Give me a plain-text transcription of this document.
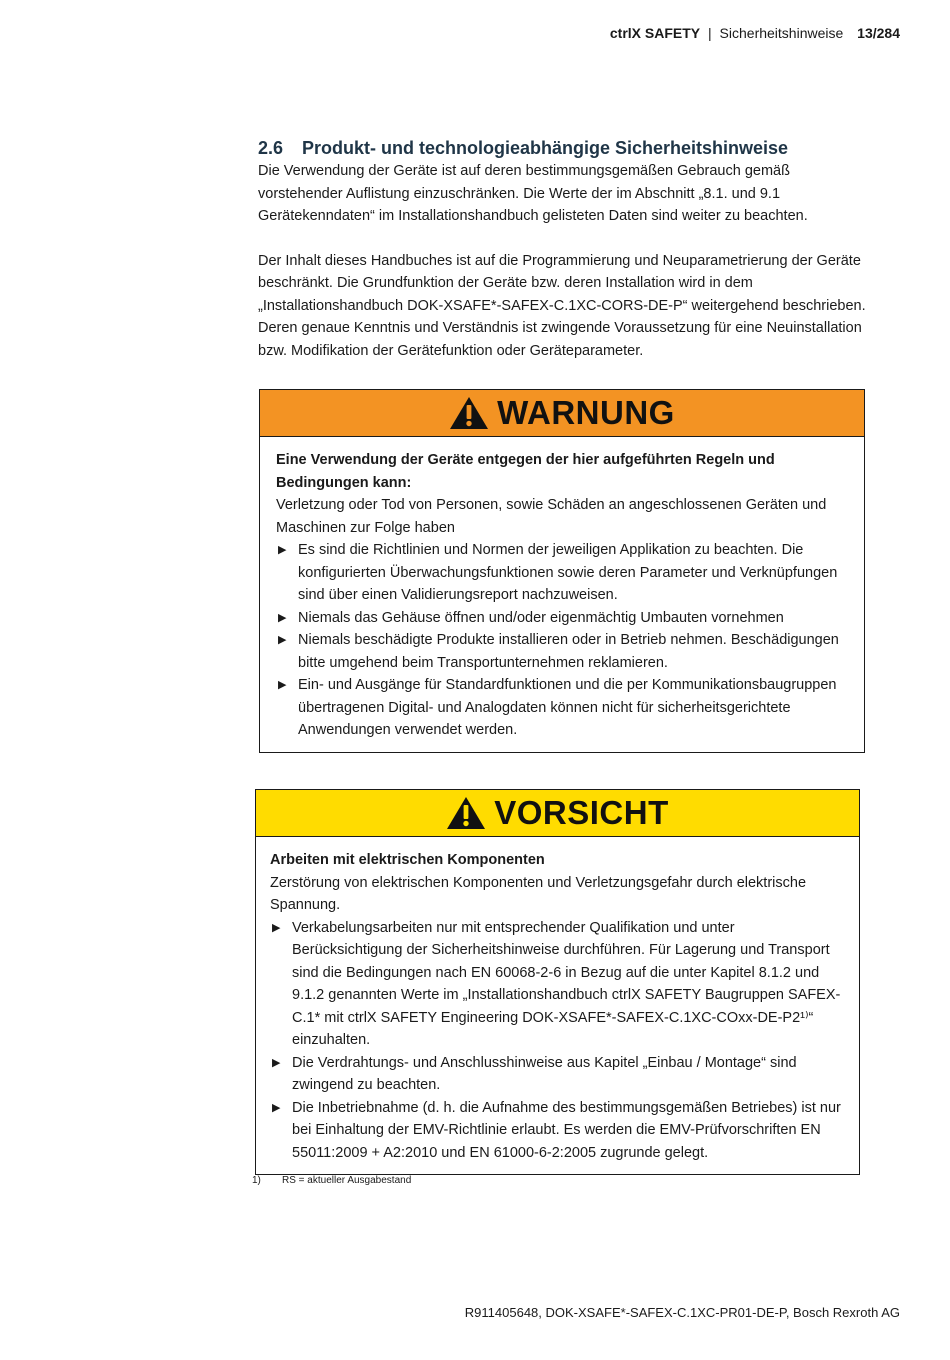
ctrlX SAFETY | Sicherheitshinweise 13/284
2.6 Produkt- und technologieabhängige Sicherheitshinweise

Die Verwendung der Geräte ist auf deren bestimmungsgemäßen Gebrauch gemäß vorstehender Auflistung einzuschränken. Die Werte der im Abschnitt „8.1. und 9.1 Gerätekenndaten“ im Installationshandbuch gelisteten Daten sind weiter zu beachten.

Der Inhalt dieses Handbuches ist auf die Programmierung und Neuparametrierung der Geräte beschränkt. Die Grundfunktion der Geräte bzw. deren Installation wird in dem „Installationshandbuch DOK-XSAFE*-SAFEX-C.1XC-CORS-DE-P“ weitergehend beschrieben. Deren genaue Kenntnis und Verständnis ist zwingende Voraussetzung für eine Neuinstallation bzw. Modifikation der Gerätefunktion oder Geräteparameter.

WARNUNG
Eine Verwendung der Geräte entgegen der hier aufgeführten Regeln und Bedingungen kann:
Verletzung oder Tod von Personen, sowie Schäden an angeschlossenen Geräten und Maschinen zur Folge haben
▶ Es sind die Richtlinien und Normen der jeweiligen Applikation zu beachten. Die konfigurierten Überwachungsfunktionen sowie deren Parameter und Verknüpfungen sind über einen Validierungsreport nachzuweisen.
▶ Niemals das Gehäuse öffnen und/oder eigenmächtig Umbauten vornehmen
▶ Niemals beschädigte Produkte installieren oder in Betrieb nehmen. Beschädigungen bitte umgehend beim Transportunternehmen reklamieren.
▶ Ein- und Ausgänge für Standardfunktionen und die per Kommunikationsbaugruppen übertragenen Digital- und Analogdaten können nicht für sicherheitsgerichtete Anwendungen verwendet werden.
VORSICHT
Arbeiten mit elektrischen Komponenten
Zerstörung von elektrischen Komponenten und Verletzungsgefahr durch elektrische Spannung.
▶ Verkabelungsarbeiten nur mit entsprechender Qualifikation und unter Berücksichtigung der Sicherheitshinweise durchführen. Für Lagerung und Transport sind die Bedingungen nach EN 60068-2-6 in Bezug auf die unter Kapitel 8.1.2 und 9.1.2 genannten Werte im „Installationshandbuch ctrlX SAFETY Baugruppen SAFEX-C.1* mit ctrlX SAFETY Engineering DOK-XSAFE*-SAFEX-C.1XC-COxx-DE-P2¹⁾“ einzuhalten.
▶ Die Verdrahtungs- und Anschlusshinweise aus Kapitel „Einbau / Montage“ sind zwingend zu beachten.
▶ Die Inbetriebnahme (d. h. die Aufnahme des bestimmungsgemäßen Betriebes) ist nur bei Einhaltung der EMV-Richtlinie erlaubt. Es werden die EMV-Prüfvorschriften EN 55011:2009 + A2:2010 und EN 61000-6-2:2005 zugrunde gelegt.
1) RS = aktueller Ausgabestand
R911405648, DOK-XSAFE*-SAFEX-C.1XC-PR01-DE-P, Bosch Rexroth AG
